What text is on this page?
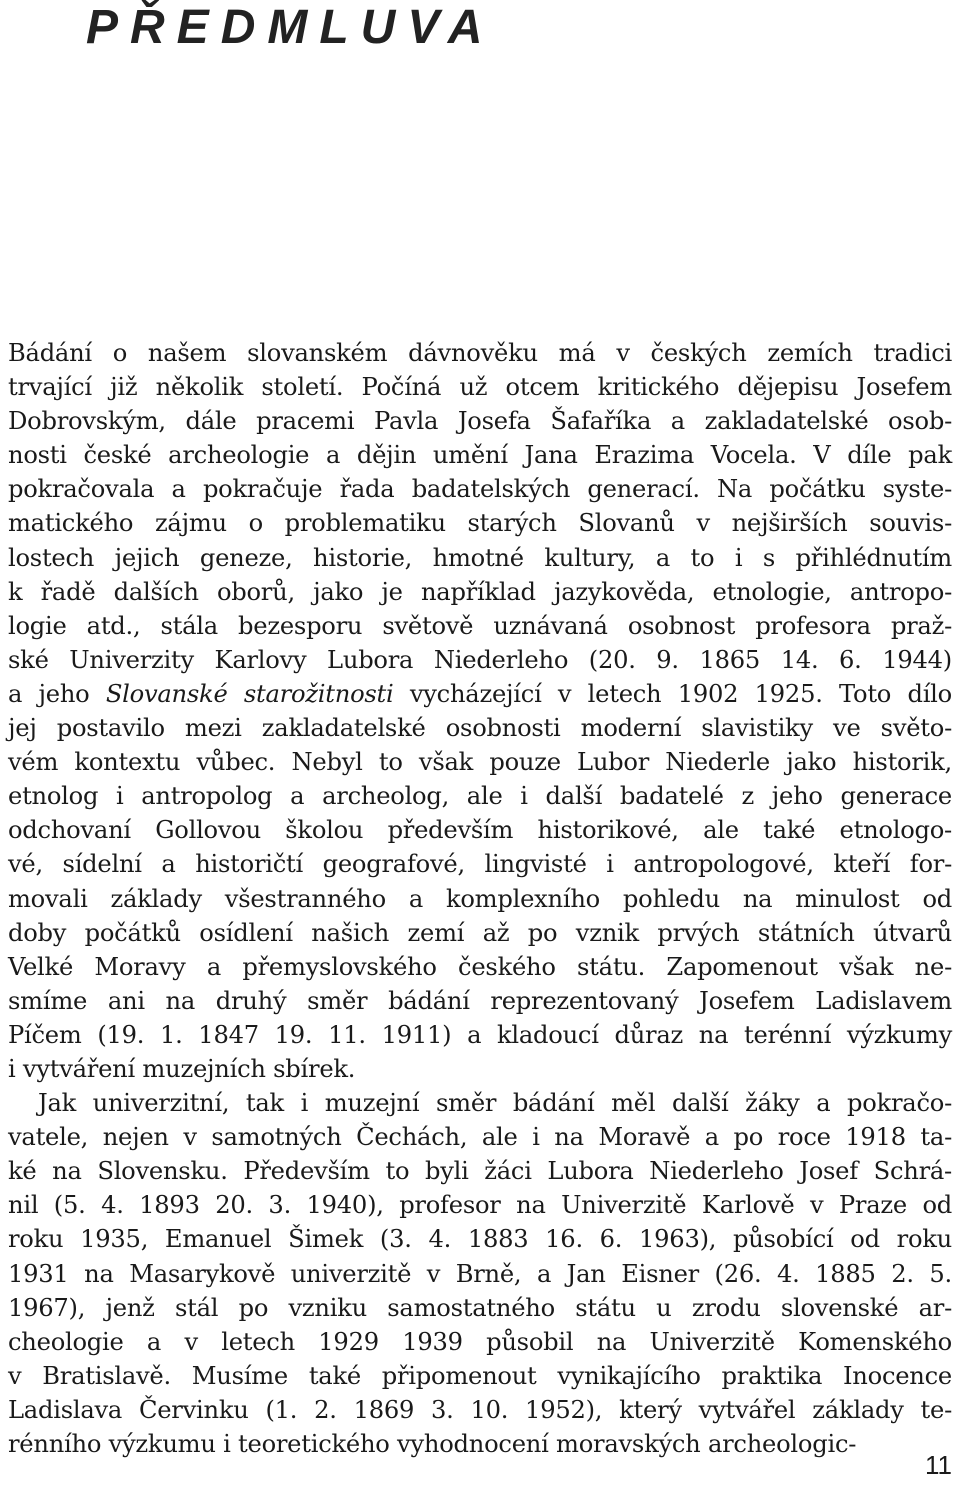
PŘEDMLUVA
Bádání o našem slovanském dávnověku má v českých zemích tradici
trvající již několik století. Počíná už otcem kritického dějepisu Josefem
Dobrovským, dále pracemi Pavla Josefa Šafaříka a zakladatelské osob-
nosti české archeologie a dějin umění Jana Erazima Vocela. V díle pak
pokračovala a pokračuje řada badatelských generací. Na počátku syste-
matického zájmu o problematiku starých Slovanů v nejširších souvis-
lostech jejich geneze, historie, hmotné kultury, a to i s přihlédnutím
k řadě dalších oborů, jako je například jazykověda, etnologie, antropo-
logie atd., stála bezesporu světově uznávaná osobnost profesora praž-
ské Univerzity Karlovy Lubora Niederleho (20. 9. 1865 14. 6. 1944)
a jeho Slovanské starožitnosti vycházející v letech 1902 1925. Toto dílo
jej postavilo mezi zakladatelské osobnosti moderní slavistiky ve světo-
vém kontextu vůbec. Nebyl to však pouze Lubor Niederle jako historik,
etnolog i antropolog a archeolog, ale i další badatelé z jeho generace
odchovaní Gollovou školou především historikové, ale také etnologo-
vé, sídelní a historičtí geografové, lingvisté i antropologové, kteří for-
movali základy všestranného a komplexního pohledu na minulost od
doby počátků osídlení našich zemí až po vznik prvých státních útvarů
Velké Moravy a přemyslovského českého státu. Zapomenout však ne-
smíme ani na druhý směr bádání reprezentovaný Josefem Ladislavem
Píčem (19. 1. 1847 19. 11. 1911) a kladoucí důraz na terénní výzkumy
i vytváření muzejních sbírek.
Jak univerzitní, tak i muzejní směr bádání měl další žáky a pokračo-
vatele, nejen v samotných Čechách, ale i na Moravě a po roce 1918 ta-
ké na Slovensku. Především to byli žáci Lubora Niederleho Josef Schrá-
nil (5. 4. 1893 20. 3. 1940), profesor na Univerzitě Karlově v Praze od
roku 1935, Emanuel Šimek (3. 4. 1883 16. 6. 1963), působící od roku
1931 na Masarykově univerzitě v Brně, a Jan Eisner (26. 4. 1885 2. 5.
1967), jenž stál po vzniku samostatného státu u zrodu slovenské ar-
cheologie a v letech 1929 1939 působil na Univerzitě Komenského
v Bratislavě. Musíme také připomenout vynikajícího praktika Inocence
Ladislava Červinku (1. 2. 1869 3. 10. 1952), který vytvářel základy te-
rénního výzkumu i teoretického vyhodnocení moravských archeologic-
11
